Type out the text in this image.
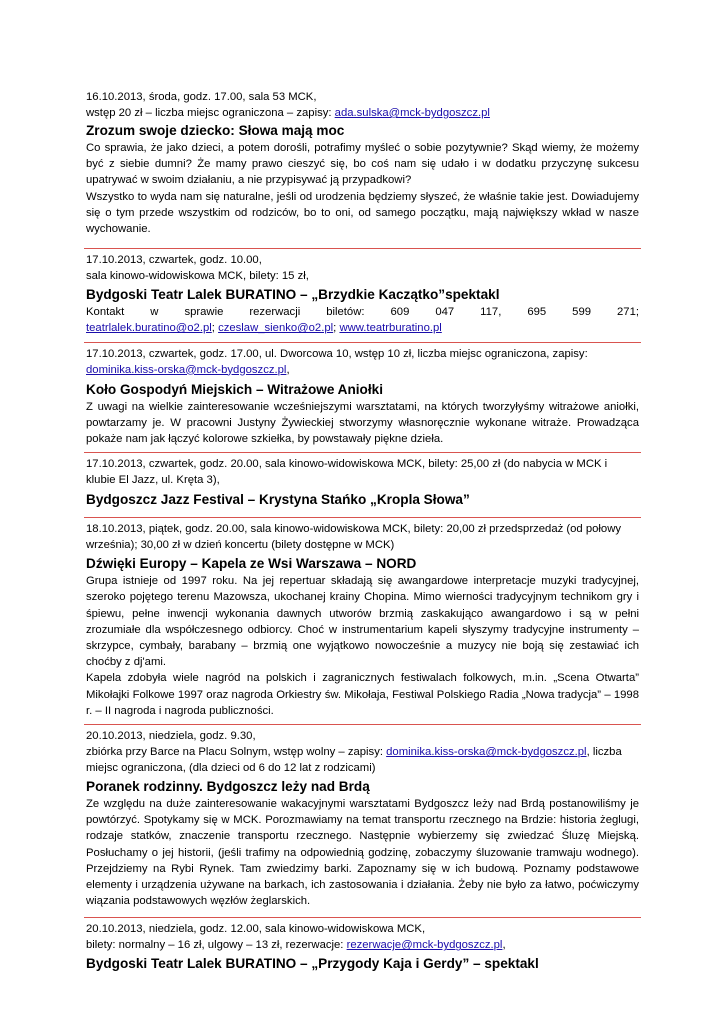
16.10.2013, środa, godz. 17.00, sala 53 MCK,
wstęp 20 zł – liczba miejsc ograniczona – zapisy: ada.sulska@mck-bydgoszcz.pl
Zrozum swoje dziecko: Słowa mają moc
Co sprawia, że jako dzieci, a potem dorośli, potrafimy myśleć o sobie pozytywnie? Skąd wiemy, że możemy być z siebie dumni? Że mamy prawo cieszyć się, bo coś nam się udało i w dodatku przyczynę sukcesu upatrywać w swoim działaniu, a nie przypisywać ją przypadkowi?
Wszystko to wyda nam się naturalne, jeśli od urodzenia będziemy słyszeć, że właśnie takie jest. Dowiadujemy się o tym przede wszystkim od rodziców, bo to oni, od samego początku, mają największy wkład w nasze wychowanie.
17.10.2013, czwartek, godz. 10.00,
sala kinowo-widowiskowa MCK, bilety: 15 zł,
Bydgoski Teatr Lalek BURATINO – „Brzydkie Kaczątko”spektakl
Kontakt w sprawie rezerwacji biletów: 609 047 117, 695 599 271; teatrlalek.buratino@o2.pl; czeslaw_sienko@o2.pl; www.teatrburatino.pl
17.10.2013, czwartek, godz. 17.00, ul. Dworcowa 10, wstęp 10 zł, liczba miejsc ograniczona, zapisy:
dominika.kiss-orska@mck-bydgoszcz.pl,
Koło Gospodyń Miejskich – Witrażowe Aniołki
Z uwagi na wielkie zainteresowanie wcześniejszymi warsztatami, na których tworzyłyśmy witrażowe aniołki, powtarzamy je. W pracowni Justyny Żywieckiej stworzymy własnoręcznie wykonane witraże. Prowadząca pokaże nam jak łączyć kolorowe szkiełka, by powstawały piękne dzieła.
17.10.2013, czwartek, godz. 20.00, sala kinowo-widowiskowa MCK, bilety: 25,00 zł (do nabycia w MCK i klubie El Jazz, ul. Kręta 3),
Bydgoszcz Jazz Festival – Krystyna Stańko „Kropla Słowa”
18.10.2013, piątek, godz. 20.00, sala kinowo-widowiskowa MCK, bilety: 20,00 zł przedsprzedaż (od połowy września); 30,00 zł w dzień koncertu (bilety dostępne w MCK)
Dźwięki Europy – Kapela ze Wsi Warszawa – NORD
Grupa istnieje od 1997 roku. Na jej repertuar składają się awangardowe interpretacje muzyki tradycyjnej, szeroko pojętego terenu Mazowsza, ukochanej krainy Chopina. Mimo wierności tradycyjnym technikom gry i śpiewu, pełne inwencji wykonania dawnych utworów brzmią zaskakująco awangardowo i są w pełni zrozumiałe dla współczesnego odbiorcy. Choć w instrumentarium kapeli słyszymy tradycyjne instrumenty – skrzypce, cymbały, barabany – brzmią one wyjątkowo nowocześnie a muzycy nie boją się zestawiać ich choćby z dj'ami.
Kapela zdobyła wiele nagród na polskich i zagranicznych festiwalach folkowych, m.in. „Scena Otwarta” Mikołajki Folkowe 1997 oraz nagroda Orkiestry św. Mikołaja, Festiwal Polskiego Radia „Nowa tradycja” – 1998 r. – II nagroda i nagroda publiczności.
20.10.2013, niedziela, godz. 9.30,
zbiórka przy Barce na Placu Solnym, wstęp wolny – zapisy: dominika.kiss-orska@mck-bydgoszcz.pl, liczba miejsc ograniczona, (dla dzieci od 6 do 12 lat z rodzicami)
Poranek rodzinny. Bydgoszcz leży nad Brdą
Ze względu na duże zainteresowanie wakacyjnymi warsztatami Bydgoszcz leży nad Brdą postanowiliśmy je powtórzyć. Spotykamy się w MCK. Porozmawiamy na temat transportu rzecznego na Brdzie: historia żeglugi, rodzaje statków, znaczenie transportu rzecznego. Następnie wybierzemy się zwiedzać Śluzę Miejską. Posłuchamy o jej historii, (jeśli trafimy na odpowiednią godzinę, zobaczymy śluzowanie tramwaju wodnego). Przejdziemy na Rybi Rynek. Tam zwiedzimy barki. Zapoznamy się w ich budową. Poznamy podstawowe elementy i urządzenia używane na barkach, ich zastosowania i działania. Żeby nie było za łatwo, poćwiczymy wiązania podstawowych węzłów żeglarskich.
20.10.2013, niedziela, godz. 12.00, sala kinowo-widowiskowa MCK,
bilety: normalny – 16 zł, ulgowy – 13 zł, rezerwacje: rezerwacje@mck-bydgoszcz.pl,
Bydgoski Teatr Lalek BURATINO – „Przygody Kaja i Gerdy” – spektakl
